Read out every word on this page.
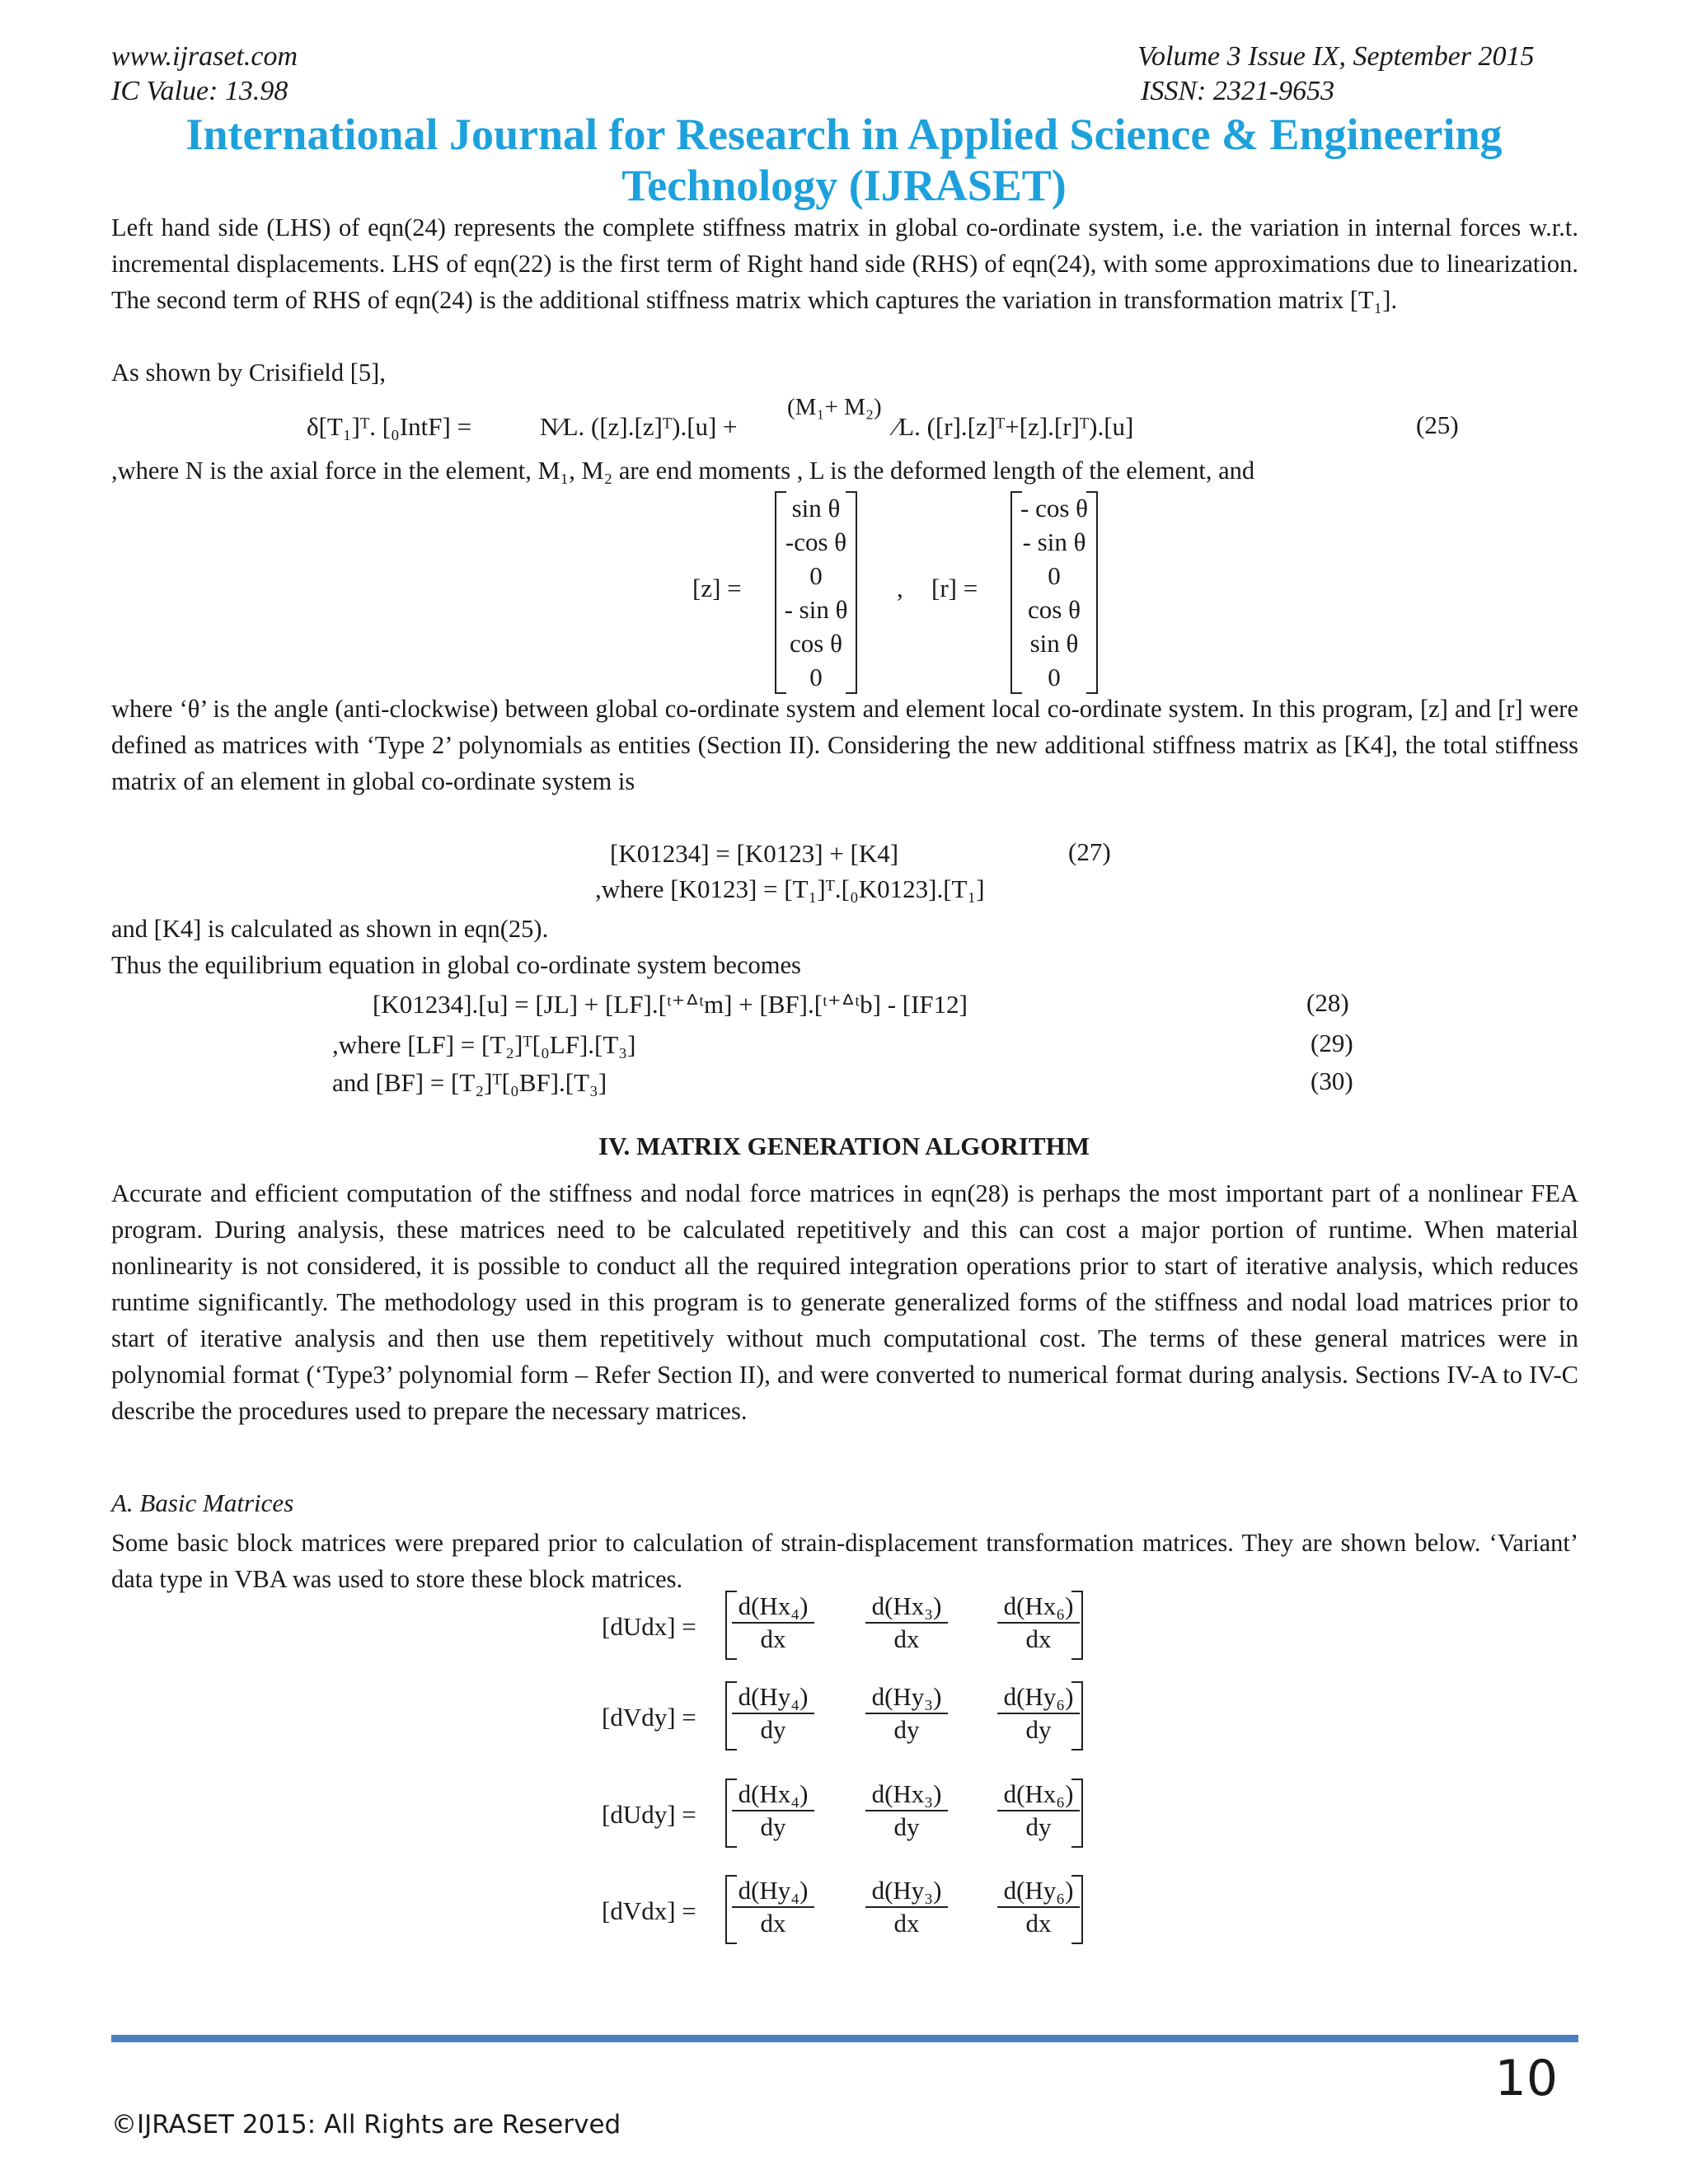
www.ijraset.com
IC Value: 13.98
Volume 3 Issue IX, September 2015
ISSN: 2321-9653
International Journal for Research in Applied Science & Engineering
Technology (IJRASET)
Left hand side (LHS) of eqn(24) represents the complete stiffness matrix in global co-ordinate system, i.e. the variation in internal forces w.r.t. incremental displacements. LHS of eqn(22) is the first term of Right hand side (RHS) of eqn(24), with some approximations due to linearization. The second term of RHS of eqn(24) is the additional stiffness matrix which captures the variation in transformation matrix [T₁].
As shown by Crisifield [5],
δ[T₁]ᵀ. [₀IntF] =	N⁄L. ([z].[z]ᵀ).[u] +
(M₁+ M₂)
⁄L. ([r].[z]ᵀ+[z].[r]ᵀ).[u]	(25)
,where N is the axial force in the element, M₁, M₂ are end moments , L is the deformed length of the element, and
[z] =
sin θ
-cos θ
0
- sin θ
cos θ
0
, [r] =
- cos θ
- sin θ
0
cos θ
sin θ
0
where ‘θ’ is the angle (anti-clockwise) between global co-ordinate system and element local co-ordinate system. In this program, [z] and [r] were defined as matrices with ‘Type 2’ polynomials as entities (Section II). Considering the new additional stiffness matrix as [K4], the total stiffness matrix of an element in global co-ordinate system is
[K01234] = [K0123] + [K4]	(27)
,where [K0123] = [T₁]ᵀ.[₀K0123].[T₁]
and [K4] is calculated as shown in eqn(25).
Thus the equilibrium equation in global co-ordinate system becomes
[K01234].[u] = [JL] + [LF].[ᵗ⁺ᐞᵗm] + [BF].[ᵗ⁺ᐞᵗb] - [IF12]	(28)
,where [LF] = [T₂]ᵀ[₀LF].[T₃]	(29)
and [BF] = [T₂]ᵀ[₀BF].[T₃]	(30)
IV. MATRIX GENERATION ALGORITHM
Accurate and efficient computation of the stiffness and nodal force matrices in eqn(28) is perhaps the most important part of a nonlinear FEA program. During analysis, these matrices need to be calculated repetitively and this can cost a major portion of runtime. When material nonlinearity is not considered, it is possible to conduct all the required integration operations prior to start of iterative analysis, which reduces runtime significantly. The methodology used in this program is to generate generalized forms of the stiffness and nodal load matrices prior to start of iterative analysis and then use them repetitively without much computational cost. The terms of these general matrices were in polynomial format (‘Type3’ polynomial form – Refer Section II), and were converted to numerical format during analysis. Sections IV-A to IV-C describe the procedures used to prepare the necessary matrices.
A. Basic Matrices
Some basic block matrices were prepared prior to calculation of strain-displacement transformation matrices. They are shown below. ‘Variant’ data type in VBA was used to store these block matrices.
[dUdx] =
d(Hx₄)
dx
d(Hx₃)
dx
d(Hx₆)
dx
[dVdy] =
d(Hy₄)
dy
d(Hy₃)
dy
d(Hy₆)
dy
[dUdy] =
d(Hx₄)
dy
d(Hx₃)
dy
d(Hx₆)
dy
[dVdx] =
d(Hy₄)
dx
d(Hy₃)
dx
d(Hy₆)
dx
10
©IJRASET 2015: All Rights are Reserved
